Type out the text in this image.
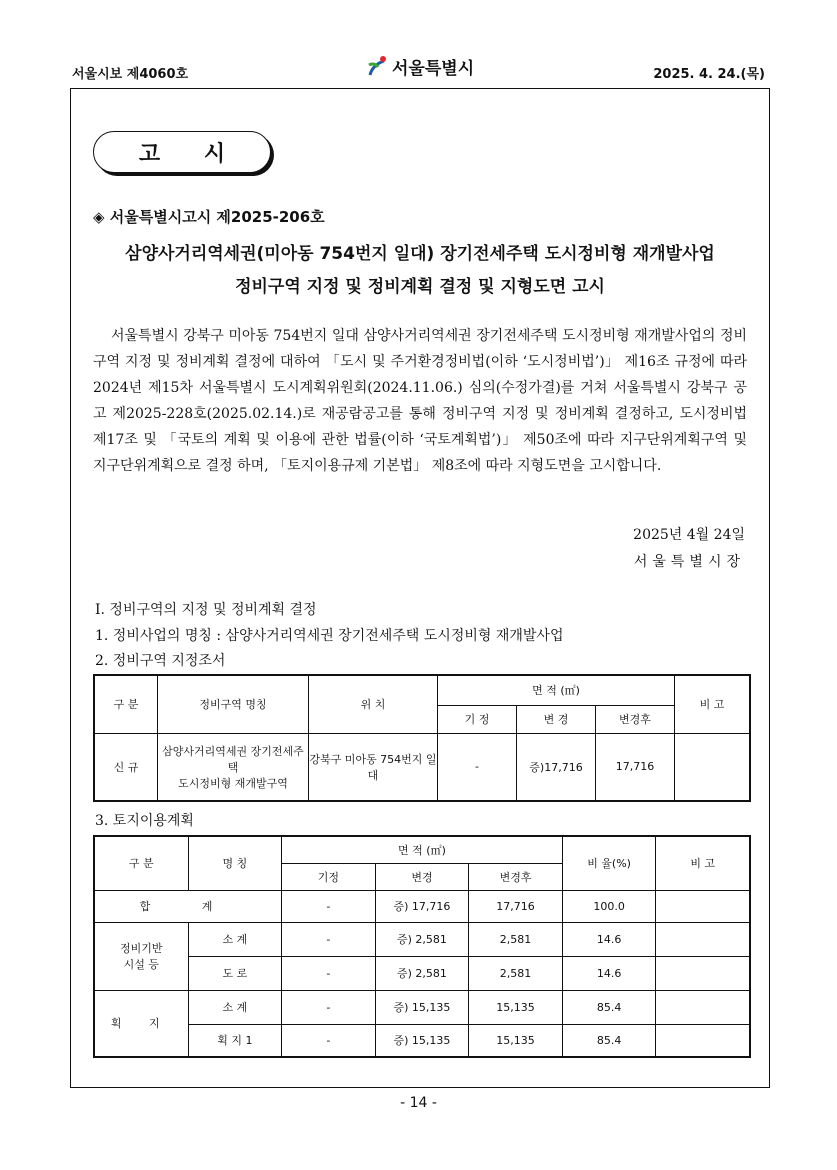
서울시보 제4060호	서울특별시	2025. 4. 24.(목)
고 시
◈ 서울특별시고시 제2025-206호
삼양사거리역세권(미아동 754번지 일대) 장기전세주택 도시정비형 재개발사업
정비구역 지정 및 정비계획 결정 및 지형도면 고시
서울특별시 강북구 미아동 754번지 일대 삼양사거리역세권 장기전세주택 도시정비형 재개발사업의 정비구역 지정 및 정비계획 결정에 대하여 「도시 및 주거환경정비법(이하 ‘도시정비법’)」 제16조 규정에 따라 2024년 제15차 서울특별시 도시계획위원회(2024.11.06.) 심의(수정가결)를 거쳐 서울특별시 강북구 공고 제2025-228호(2025.02.14.)로 재공람공고를 통해 정비구역 지정 및 정비계획 결정하고, 도시정비법 제17조 및 「국토의 계획 및 이용에 관한 법률(이하 ‘국토계획법’)」 제50조에 따라 지구단위계획구역 및 지구단위계획으로 결정 하며, 「토지이용규제 기본법」 제8조에 따라 지형도면을 고시합니다.
2025년 4월 24일
서울특별시장
Ⅰ. 정비구역의 지정 및 정비계획 결정
1. 정비사업의 명칭 : 삼양사거리역세권 장기전세주택 도시정비형 재개발사업
2. 정비구역 지정조서
구 분	정비구역 명칭	위 치	면 적 (㎡)			비 고
			기 정	변 경	변경후	
신 규	삼양사거리역세권 장기전세주택
도시정비형 재개발구역	강북구 미아동 754번지 일대	-	증)17,716	17,716	
3. 토지이용계획
구 분	명 칭	면 적 (㎡)			비 율(%)	비 고
		기정	변경	변경후		
합 계		-	증) 17,716	17,716	100.0	
정비기반
시설 등	소 계	-	증) 2,581	2,581	14.6	
	도 로	-	증) 2,581	2,581	14.6	
획 지	소 계	-	증) 15,135	15,135	85.4	
	획 지 1	-	증) 15,135	15,135	85.4	
- 14 -
